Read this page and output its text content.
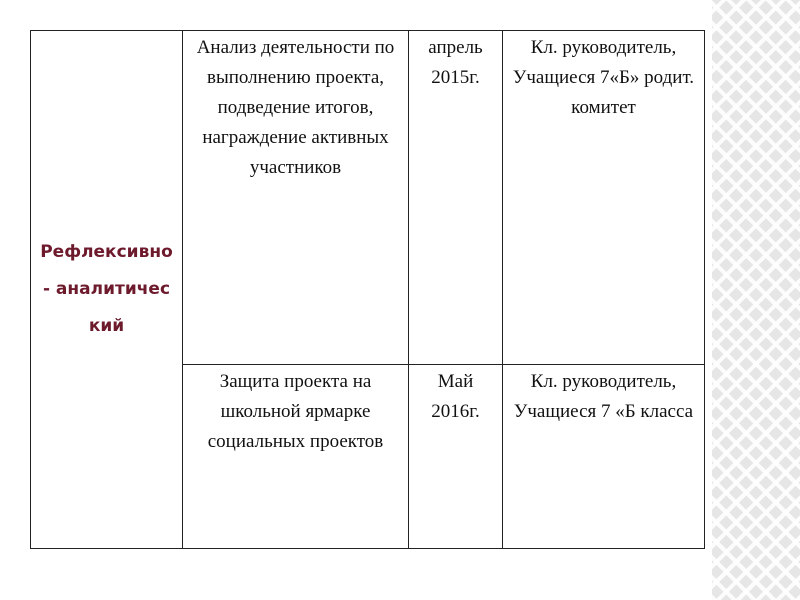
Рефлексивно - аналитический	Анализ деятельности по выполнению проекта, подведение итогов, награждение активных участников	апрель 2015г.	Кл. руководитель, Учащиеся 7«Б» родит. комитет

	Защита проекта на школьной ярмарке социальных проектов	Май 2016г.	Кл. руководитель, Учащиеся 7 «Б класса
